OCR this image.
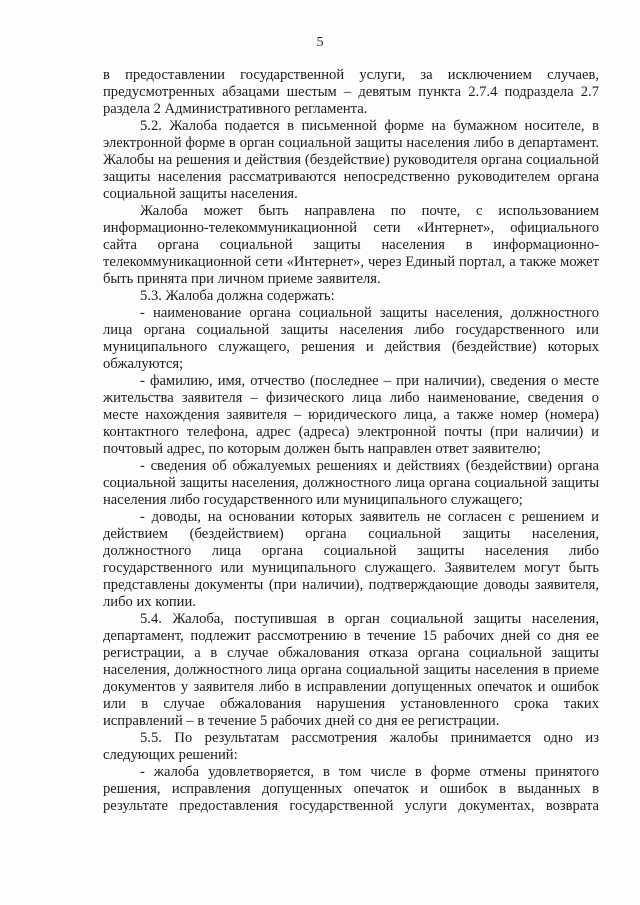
5

в предоставлении государственной услуги, за исключением случаев, предусмотренных абзацами шестым – девятым пункта 2.7.4 подраздела 2.7 раздела 2 Административного регламента.

5.2. Жалоба подается в письменной форме на бумажном носителе, в электронной форме в орган социальной защиты населения либо в департамент. Жалобы на решения и действия (бездействие) руководителя органа социальной защиты населения рассматриваются непосредственно руководителем органа социальной защиты населения.

Жалоба может быть направлена по почте, с использованием информационно-телекоммуникационной сети «Интернет», официального сайта органа социальной защиты населения в информационно-телекоммуникационной сети «Интернет», через Единый портал, а также может быть принята при личном приеме заявителя.

5.3. Жалоба должна содержать:

- наименование органа социальной защиты населения, должностного лица органа социальной защиты населения либо государственного или муниципального служащего, решения и действия (бездействие) которых обжалуются;

- фамилию, имя, отчество (последнее – при наличии), сведения о месте жительства заявителя – физического лица либо наименование, сведения о месте нахождения заявителя – юридического лица, а также номер (номера) контактного телефона, адрес (адреса) электронной почты (при наличии) и почтовый адрес, по которым должен быть направлен ответ заявителю;

- сведения об обжалуемых решениях и действиях (бездействии) органа социальной защиты населения, должностного лица органа социальной защиты населения либо государственного или муниципального служащего;

- доводы, на основании которых заявитель не согласен с решением и действием (бездействием) органа социальной защиты населения, должностного лица органа социальной защиты населения либо государственного или муниципального служащего. Заявителем могут быть представлены документы (при наличии), подтверждающие доводы заявителя, либо их копии.

5.4. Жалоба, поступившая в орган социальной защиты населения, департамент, подлежит рассмотрению в течение 15 рабочих дней со дня ее регистрации, а в случае обжалования отказа органа социальной защиты населения, должностного лица органа социальной защиты населения в приеме документов у заявителя либо в исправлении допущенных опечаток и ошибок или в случае обжалования нарушения установленного срока таких исправлений – в течение 5 рабочих дней со дня ее регистрации.

5.5. По результатам рассмотрения жалобы принимается одно из следующих решений:

- жалоба удовлетворяется, в том числе в форме отмены принятого решения, исправления допущенных опечаток и ошибок в выданных в результате предоставления государственной услуги документах, возврата
